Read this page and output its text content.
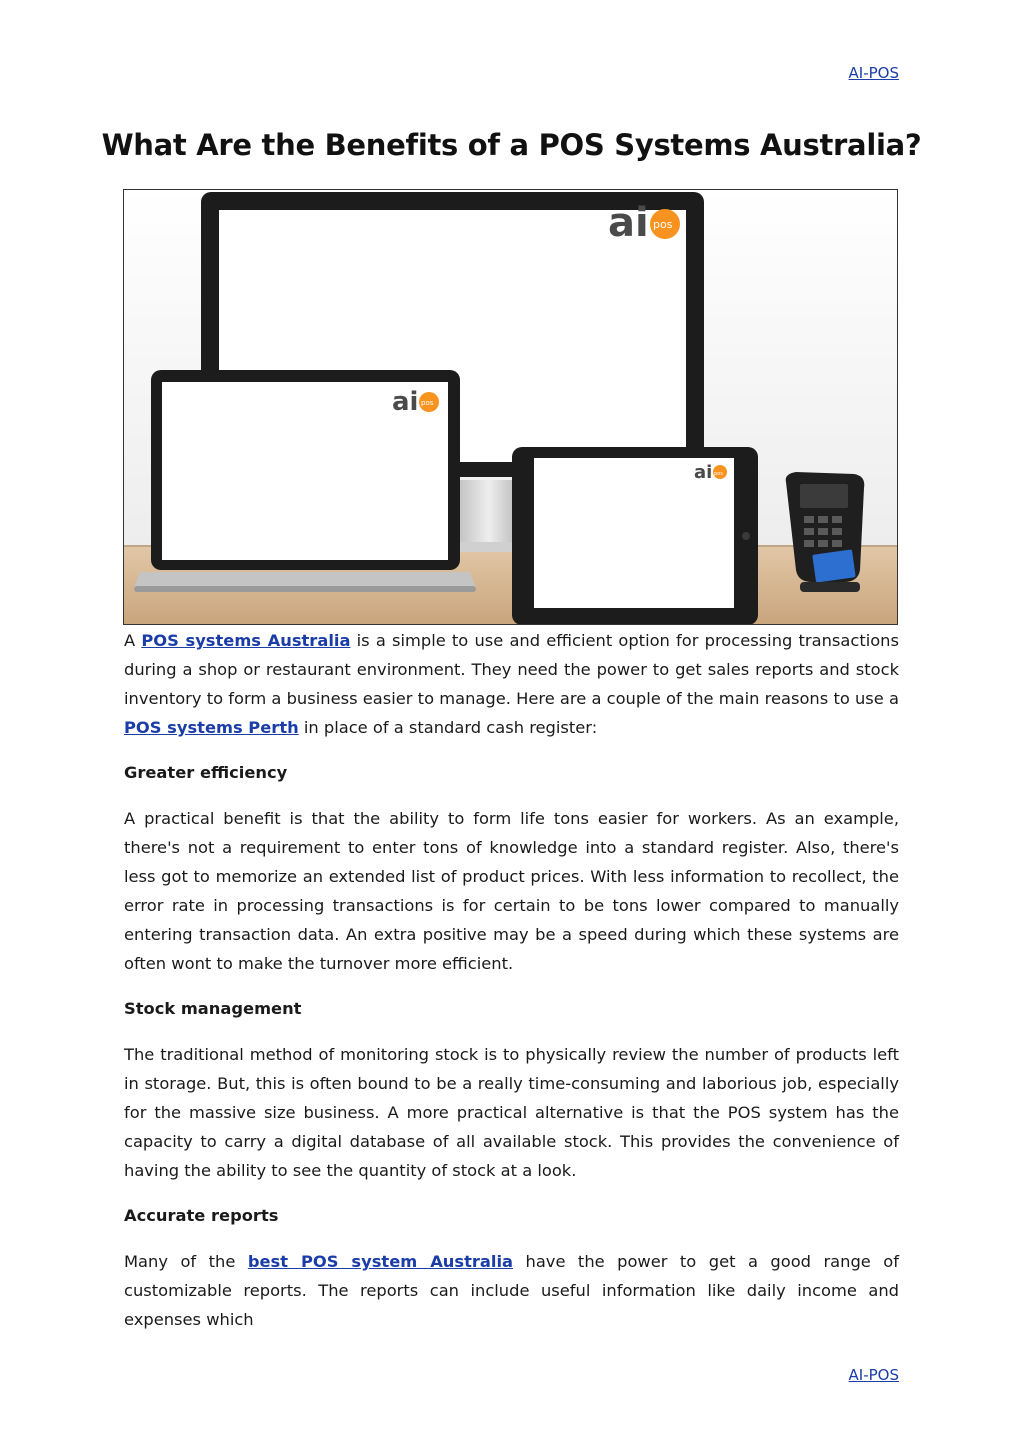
AI-POS
What Are the Benefits of a POS Systems Australia?
ai pos
ai pos
ai pos

A POS systems Australia is a simple to use and efficient option for processing transactions during a shop or restaurant environment. They need the power to get sales reports and stock inventory to form a business easier to manage. Here are a couple of the main reasons to use a POS systems Perth in place of a standard cash register:

Greater efficiency

A practical benefit is that the ability to form life tons easier for workers. As an example, there's not a requirement to enter tons of knowledge into a standard register. Also, there's less got to memorize an extended list of product prices. With less information to recollect, the error rate in processing transactions is for certain to be tons lower compared to manually entering transaction data. An extra positive may be a speed during which these systems are often wont to make the turnover more efficient.

Stock management

The traditional method of monitoring stock is to physically review the number of products left in storage. But, this is often bound to be a really time-consuming and laborious job, especially for the massive size business. A more practical alternative is that the POS system has the capacity to carry a digital database of all available stock. This provides the convenience of having the ability to see the quantity of stock at a look.

Accurate reports

Many of the best POS system Australia have the power to get a good range of customizable reports. The reports can include useful information like daily income and expenses which

AI-POS
